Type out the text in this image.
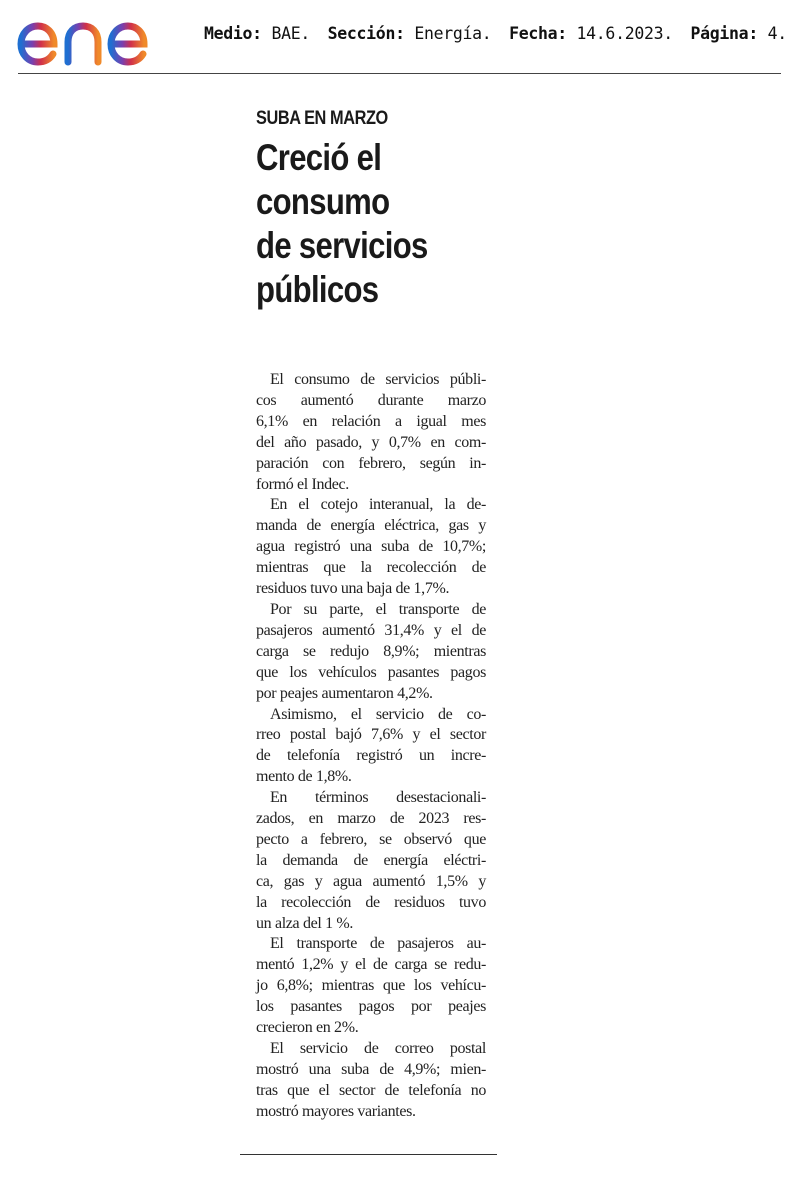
Medio: BAE. Sección: Energía. Fecha: 14.6.2023. Página: 4.
SUBA EN MARZO
Creció el
consumo
de servicios
públicos

El consumo de servicios públi-
cos aumentó durante marzo
6,1% en relación a igual mes
del año pasado, y 0,7% en com-
paración con febrero, según in-
formó el Indec.

En el cotejo interanual, la de-
manda de energía eléctrica, gas y
agua registró una suba de 10,7%;
mientras que la recolección de
residuos tuvo una baja de 1,7%.

Por su parte, el transporte de
pasajeros aumentó 31,4% y el de
carga se redujo 8,9%; mientras
que los vehículos pasantes pagos
por peajes aumentaron 4,2%.

Asimismo, el servicio de co-
rreo postal bajó 7,6% y el sector
de telefonía registró un incre-
mento de 1,8%.

En términos desestacionali-
zados, en marzo de 2023 res-
pecto a febrero, se observó que
la demanda de energía eléctri-
ca, gas y agua aumentó 1,5% y
la recolección de residuos tuvo
un alza del 1 %.

El transporte de pasajeros au-
mentó 1,2% y el de carga se redu-
jo 6,8%; mientras que los vehícu-
los pasantes pagos por peajes
crecieron en 2%.

El servicio de correo postal
mostró una suba de 4,9%; mien-
tras que el sector de telefonía no
mostró mayores variantes.
